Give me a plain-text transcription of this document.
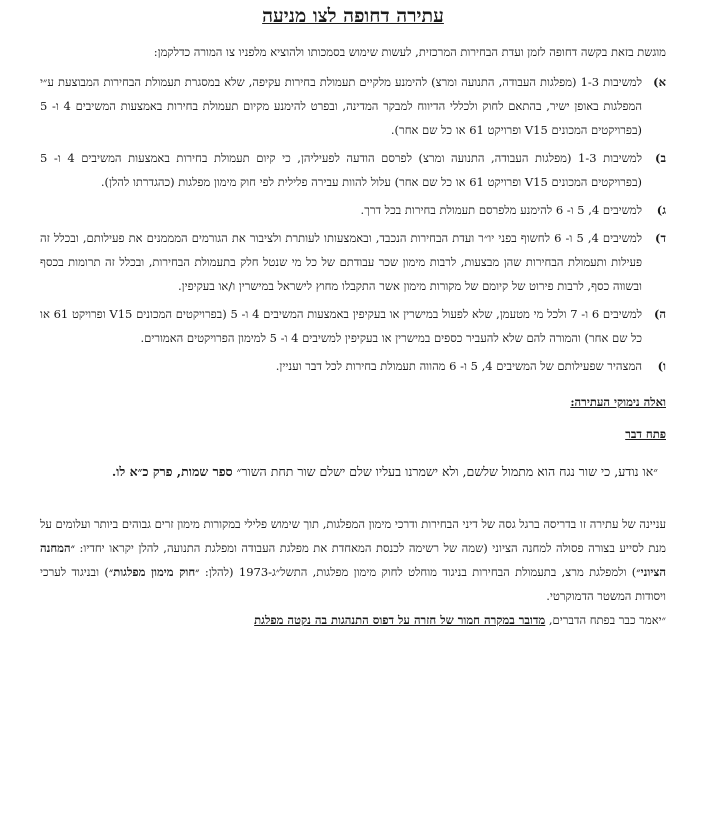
עתירה דחופה לצו מניעה

מוגשת בזאת בקשה דחופה לזמן ועדת הבחירות המרכזית, לעשות שימוש בסמכותו ולהוציא מלפניו צו המורה כדלקמן:

א)
למשיבות 1-3 (מפלגות העבודה, התנועה ומרצ) להימנע מלקיים תעמולת בחירות עקיפה, שלא במסגרת תעמולת הבחירות המבוצעת ע״י המפלגות באופן ישיר, בהתאם לחוק ולכללי הדיווח למבקר המדינה, ובפרט להימנע מקיום תעמולת בחירות באמצעות המשיבים 4 ו- 5 (בפרויקטים המכונים V15 ופרויקט 61 או כל שם אחר).
ב)
למשיבות 1-3 (מפלגות העבודה, התנועה ומרצ) לפרסם הודעה לפעיליהן, כי קיום תעמולת בחירות באמצעות המשיבים 4 ו- 5 (בפרויקטים המכונים V15 ופרויקט 61 או כל שם אחר) עלול להוות עבירה פלילית לפי חוק מימון מפלגות (כהגדרתו להלן).
ג)
למשיבים 4, 5 ו- 6 להימנע מלפרסם תעמולת בחירות בכל דרך.
ד)
למשיבים 4, 5 ו- 6 לחשוף בפני יו״ר ועדת הבחירות הנכבד, ובאמצעותו לעותרת ולציבור את הגורמים המממנים את פעילותם, ובכלל זה פעילות ותעמולת הבחירות שהן מבצעות, לרבות מימון שכר עבודתם של כל מי שנטל חלק בתעמולת הבחירות, ובכלל זה תרומות בכסף ובשווה כסף, לרבות פירוט של קיומם של מקורות מימון אשר התקבלו מחוץ לישראל במישרין ו/או בעקיפין.
ה)
למשיבים 6 ו- 7 ולכל מי מטעמן, שלא לפעול במישרין או בעקיפין באמצעות המשיבים 4 ו- 5 (בפרויקטים המכונים V15 ופרויקט 61 או כל שם אחר) והמורה להם שלא להעביר כספים במישרין או בעקיפין למשיבים 4 ו- 5 למימון הפרויקטים האמורים.
ו)
המצהיר שפעילותם של המשיבים 4, 5 ו- 6 מהווה תעמולת בחירות לכל דבר ועניין.
ואלה נימוקי העתירה:
פתח דבר

״או נודע, כי שור נגח הוא מתמול שלשם, ולא ישמרנו בעליו שלם ישלם שור תחת השור״ ספר שמות, פרק כ״א לו.

עניינה של עתירה זו בדריסה ברגל גסה של דיני הבחירות ודרכי מימון המפלגות, תוך שימוש פלילי במקורות מימון זרים גבוהים ביותר ועלומים על מנת לסייע בצורה פסולה למחנה הציוני (שמה של רשימה לכנסת המאחדת את מפלגת העבודה ומפלגת התנועה, להלן יקראו יחדיו: ״המחנה הציוני״) ולמפלגת מרצ, בתעמולת הבחירות בניגוד מוחלט לחוק מימון מפלגות, התשל״ג-1973 (להלן: ״חוק מימון מפלגות״) ובניגוד לערכי ויסודות המשטר הדמוקרטי.

״יאמר כבר בפתח הדברים, מדובר במקרה חמור של חזרה על דפוס התנהגות בה נקטה מפלגת
